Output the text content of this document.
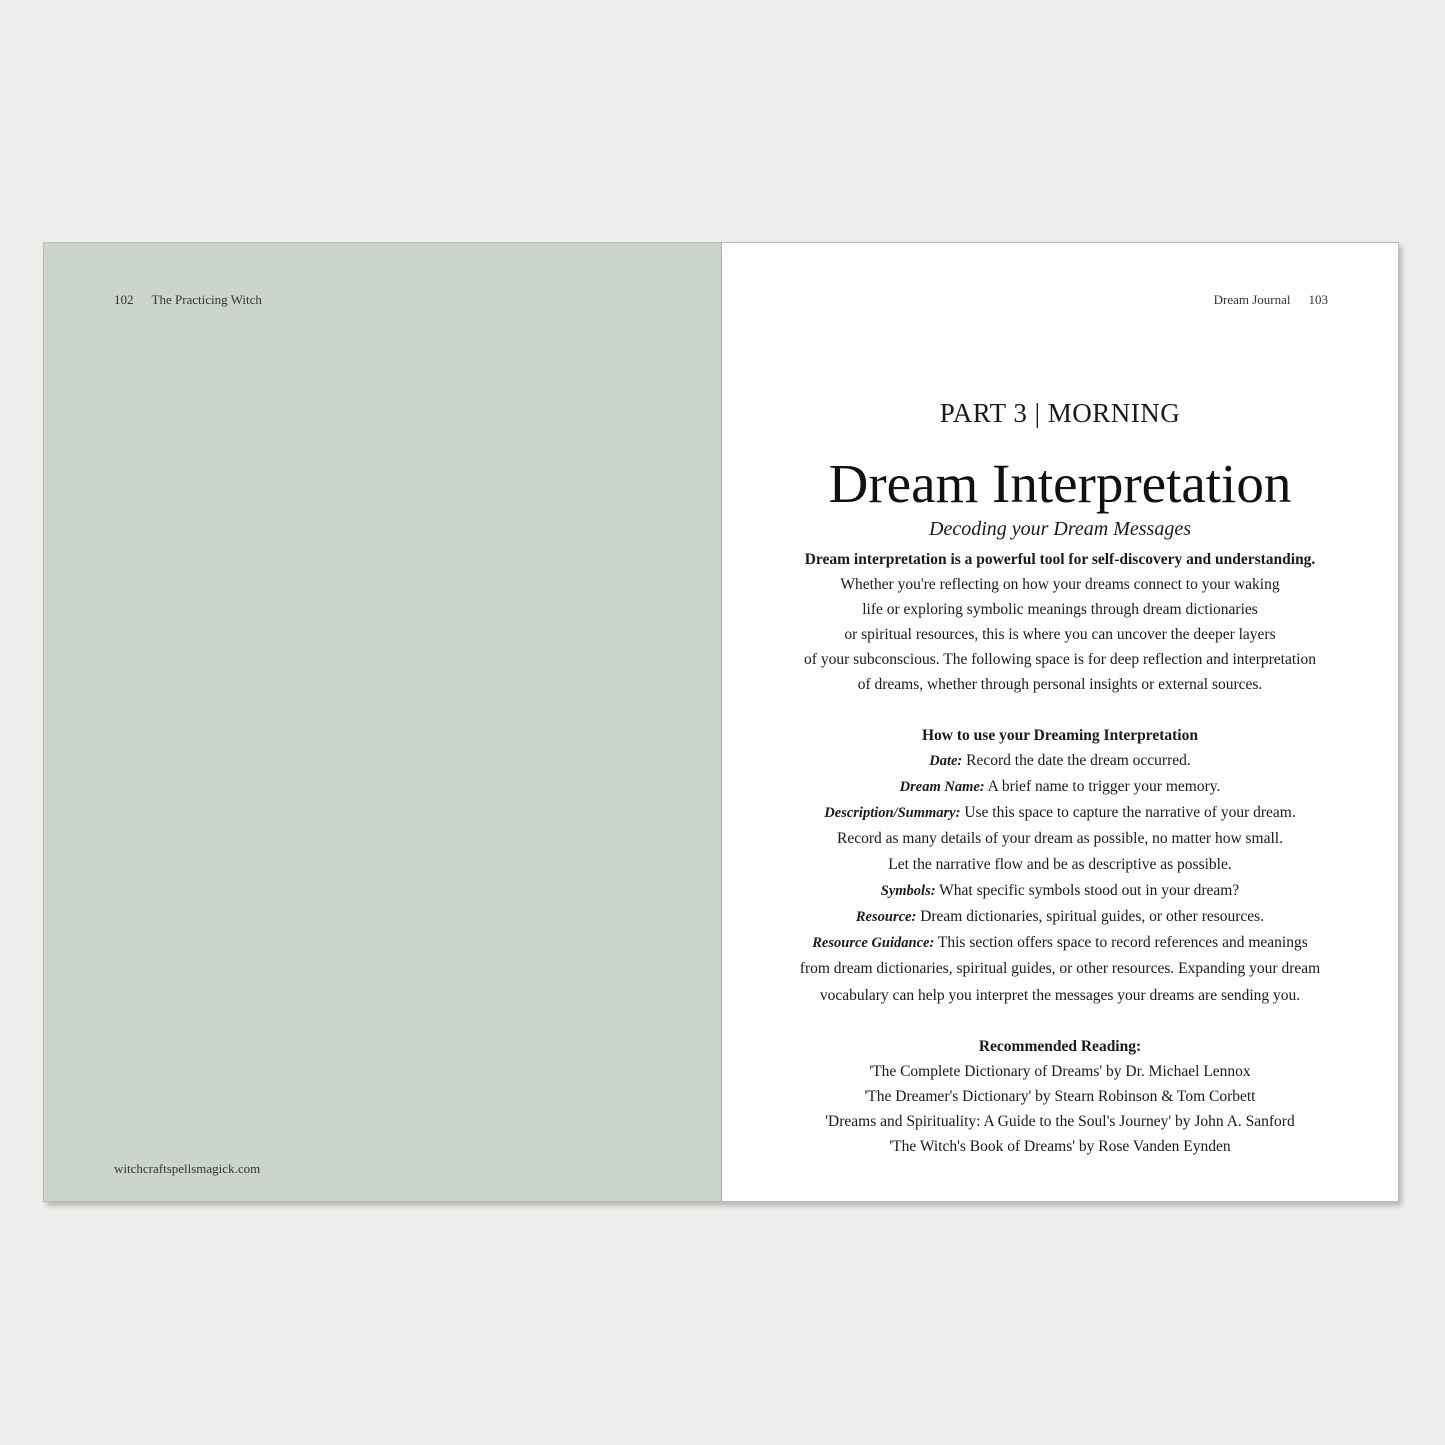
102 The Practicing Witch
witchcraftspellsmagick.com
Dream Journal 103

PART 3 | MORNING

Dream Interpretation

Decoding your Dream Messages

Dream interpretation is a powerful tool for self-discovery and understanding.
Whether you're reflecting on how your dreams connect to your waking
life or exploring symbolic meanings through dream dictionaries
or spiritual resources, this is where you can uncover the deeper layers
of your subconscious. The following space is for deep reflection and interpretation
of dreams, whether through personal insights or external sources.

How to use your Dreaming Interpretation

Date: Record the date the dream occurred.

Dream Name: A brief name to trigger your memory.

Description/Summary: Use this space to capture the narrative of your dream.

Record as many details of your dream as possible, no matter how small.

Let the narrative flow and be as descriptive as possible.

Symbols: What specific symbols stood out in your dream?

Resource: Dream dictionaries, spiritual guides, or other resources.

Resource Guidance: This section offers space to record references and meanings

from dream dictionaries, spiritual guides, or other resources. Expanding your dream

vocabulary can help you interpret the messages your dreams are sending you.

Recommended Reading:

'The Complete Dictionary of Dreams' by Dr. Michael Lennox

'The Dreamer's Dictionary' by Stearn Robinson & Tom Corbett

'Dreams and Spirituality: A Guide to the Soul's Journey' by John A. Sanford

'The Witch's Book of Dreams' by Rose Vanden Eynden
